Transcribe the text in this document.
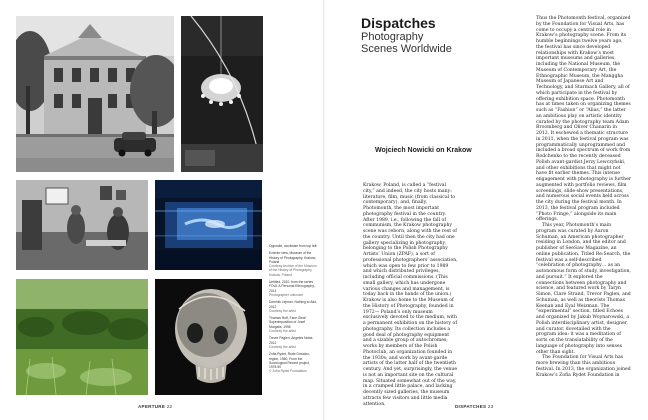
Opposite, clockwise from top left:

Exterior view, Museum of the History of Photography, Krakow, Poland
Courtesy Archive of the Museum of the History of Photography, Krakow, Poland

Untitled, 2010, from the series FOUL A Personal Ethnography, 2014
Photographer unknown

Dominik Lejman, Nothing to Add, 2012
Courtesy the artist

Thomas Ruff, Face-Sleaf Superimposition of Josef Morgalis, 1996
Courtesy the artist

Trevor Paglen, Angeles Noise, 2012
Courtesy the artist

Zofia Rydet, Rude Dmodeo, region, 1980, From the Sociological Record project, 1978-90
© Zofia Rydet Foundation

APERTURE 22
Dispatches

Photography

Scenes Worldwide

Wojciech Nowicki on Krakow

Krakow, Poland, is called a “festival city,” and indeed, the city hosts many: literature, film, music (from classical to contemporary), and, finally, Photomonth, the most important photography festival in the country. After 1989, i.e., following the fall of communism, the Krakow photography scene was reborn, along with the rest of the country. Until then the city had one gallery specializing in photography, belonging to the Polish Photography Artists’ Union (ZPAF), a sort of professional photographers’ association, which was open to few prior to 1989 and which distributed privileges, including official commissions. (This small gallery, which has undergone various changes and management, is today back in the hands of the union.) Krakow is also home to the Museum of the History of Photography, founded in 1972— Poland’s only museum exclusively devoted to the medium, with a permanent exhibition on the history of photography. Its collection includes a good deal of photography equipment and a sizable group of autochromes; works by members of the Polish Photoclub, an organization founded in the 1930s; and work by avant-garde artists of the latter half of the twentieth century. And yet, surprisingly, the venue is not an important site on the cultural map. Situated somewhat out of the way, in a cramped little palace, and lacking decently sized galleries, the museum attracts few visitors and little media attention.

Thus the Photomonth festival, organized by the Foundation for Visual Arts, has come to occupy a central role in Krakow’s photography scene. From its humble beginnings twelve years ago, the festival has since developed relationships with Krakow’s most important museums and galleries, including the National Museum, the Museum of Contemporary Art, the Ethnographic Museum, the Manggha Museum of Japanese Art and Technology, and Starmach Gallery, all of which participate in the festival by offering exhibition space. Photomonth has at times taken on organizing themes such as “Fashion” or “Alias,” the latter an ambitious play on artistic identity curated by the photography team Adam Broomberg and Oliver Chanarin in 2012. It eschewed a thematic structure in 2011, when the festival program was programmatically unprogrammed and included a broad spectrum of work from Rodchenko to the recently deceased Polish avant-gardist Jerzy Lewczyński, and other exhibitions that might not have fit earlier themes. This intense engagement with photography is further augmented with portfolio reviews, film screenings, slide-show presentations, and numerous social events held across the city during the festival month. In 2013, the festival program included “Photo Fringe,” alongside its main offerings.

This year, Photomonth’s main program was curated by Aaron Schuman, an American photographer residing in London, and the editor and publisher of SeeSaw Magazine, an online publication. Titled Re:Search, the festival was a self-described “celebration of photography… as an autonomous form of study, investigation, and pursuit.” It explored the connections between photography and science, and featured work by Taryn Simon, Clare Strand, Trevor Paglen, and Schuman, as well as theorists Thomas Keenan and Eyal Weizman. The “experimental” section, titled Echoes and organized by Jakub Woynarowski, a Polish interdisciplinary artist, designer, and curator, dovetailed with the program idea: it was a meditation of sorts on the translatability of the language of photography into senses other than sight.

The Foundation for Visual Arts has more brewing than this ambitious festival. In 2013, the organization joined Krakow’s Zofia Rydet Foundation in

DISPATCHES 23
